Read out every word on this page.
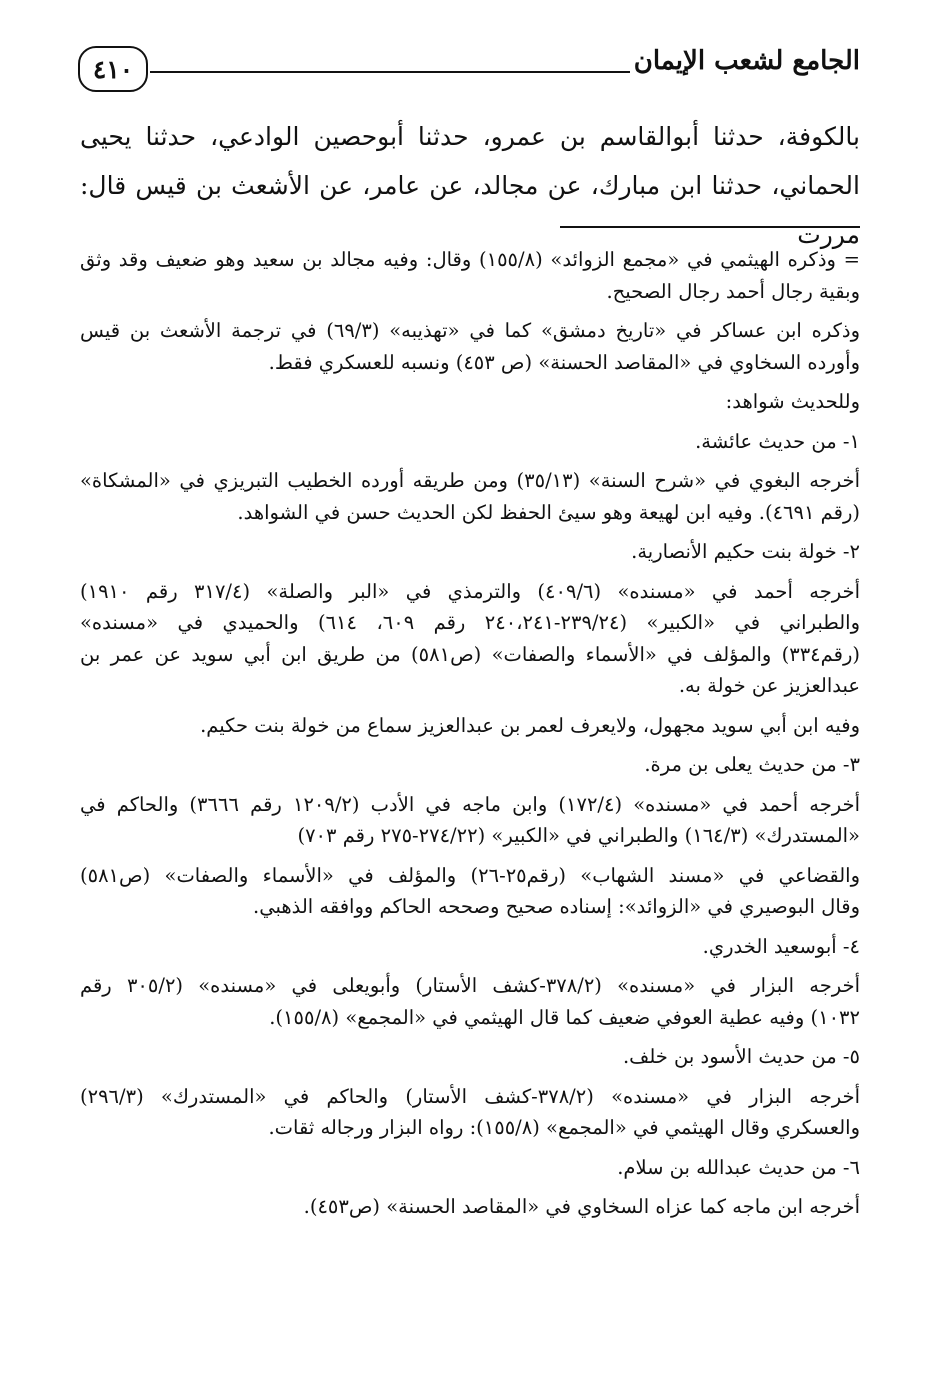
الجامع لشعب الإيمان
٤١٠
بالكوفة، حدثنا أبوالقاسم بن عمرو، حدثنا أبوحصين الوادعي، حدثنا يحيى
الحماني، حدثنا ابن مبارك، عن مجالد، عن عامر، عن الأشعث بن قيس قال: مررت
= وذكره الهيثمي في «مجمع الزوائد» (١٥٥/٨) وقال: وفيه مجالد بن سعيد وهو ضعيف وقد وثق
وبقية رجال أحمد رجال الصحيح.
وذكره ابن عساكر في «تاريخ دمشق» كما في «تهذيبه» (٦٩/٣) في ترجمة الأشعث بن قيس
وأورده السخاوي في «المقاصد الحسنة» (ص ٤٥٣) ونسبه للعسكري فقط.
وللحديث شواهد:
١- من حديث عائشة.
أخرجه البغوي في «شرح السنة» (٣٥/١٣) ومن طريقه أورده الخطيب التبريزي في «المشكاة»
(رقم ٤٦٩١). وفيه ابن لهيعة وهو سيئ الحفظ لكن الحديث حسن في الشواهد.
٢- خولة بنت حكيم الأنصارية.
أخرجه أحمد في «مسنده» (٤٠٩/٦) والترمذي في «البر والصلة» (٣١٧/٤ رقم ١٩١٠)
والطبراني في «الكبير» (٢٣٩/٢٤-٢٤٠،٢٤١ رقم ٦٠٩، ٦١٤) والحميدي في «مسنده»
(رقم٣٣٤) والمؤلف في «الأسماء والصفات» (ص٥٨١) من طريق ابن أبي سويد عن عمر بن
عبدالعزيز عن خولة به.
وفيه ابن أبي سويد مجهول، ولايعرف لعمر بن عبدالعزيز سماع من خولة بنت حكيم.
٣- من حديث يعلى بن مرة.
أخرجه أحمد في «مسنده» (١٧٢/٤) وابن ماجه في الأدب (١٢٠٩/٢ رقم ٣٦٦٦) والحاكم في
«المستدرك» (١٦٤/٣) والطبراني في «الكبير» (٢٧٤/٢٢-٢٧٥ رقم ٧٠٣)
والقضاعي في «مسند الشهاب» (رقم٢٥-٢٦) والمؤلف في «الأسماء والصفات» (ص٥٨١)
وقال البوصيري في «الزوائد»: إسناده صحيح وصححه الحاكم ووافقه الذهبي.
٤- أبوسعيد الخدري.
أخرجه البزار في «مسنده» (٣٧٨/٢-كشف الأستار) وأبويعلى في «مسنده» (٣٠٥/٢ رقم
١٠٣٢) وفيه عطية العوفي ضعيف كما قال الهيثمي في «المجمع» (١٥٥/٨).
٥- من حديث الأسود بن خلف.
أخرجه البزار في «مسنده» (٣٧٨/٢-كشف الأستار) والحاكم في «المستدرك» (٢٩٦/٣)
والعسكري وقال الهيثمي في «المجمع» (١٥٥/٨): رواه البزار ورجاله ثقات.
٦- من حديث عبدالله بن سلام.
أخرجه ابن ماجه كما عزاه السخاوي في «المقاصد الحسنة» (ص٤٥٣).
